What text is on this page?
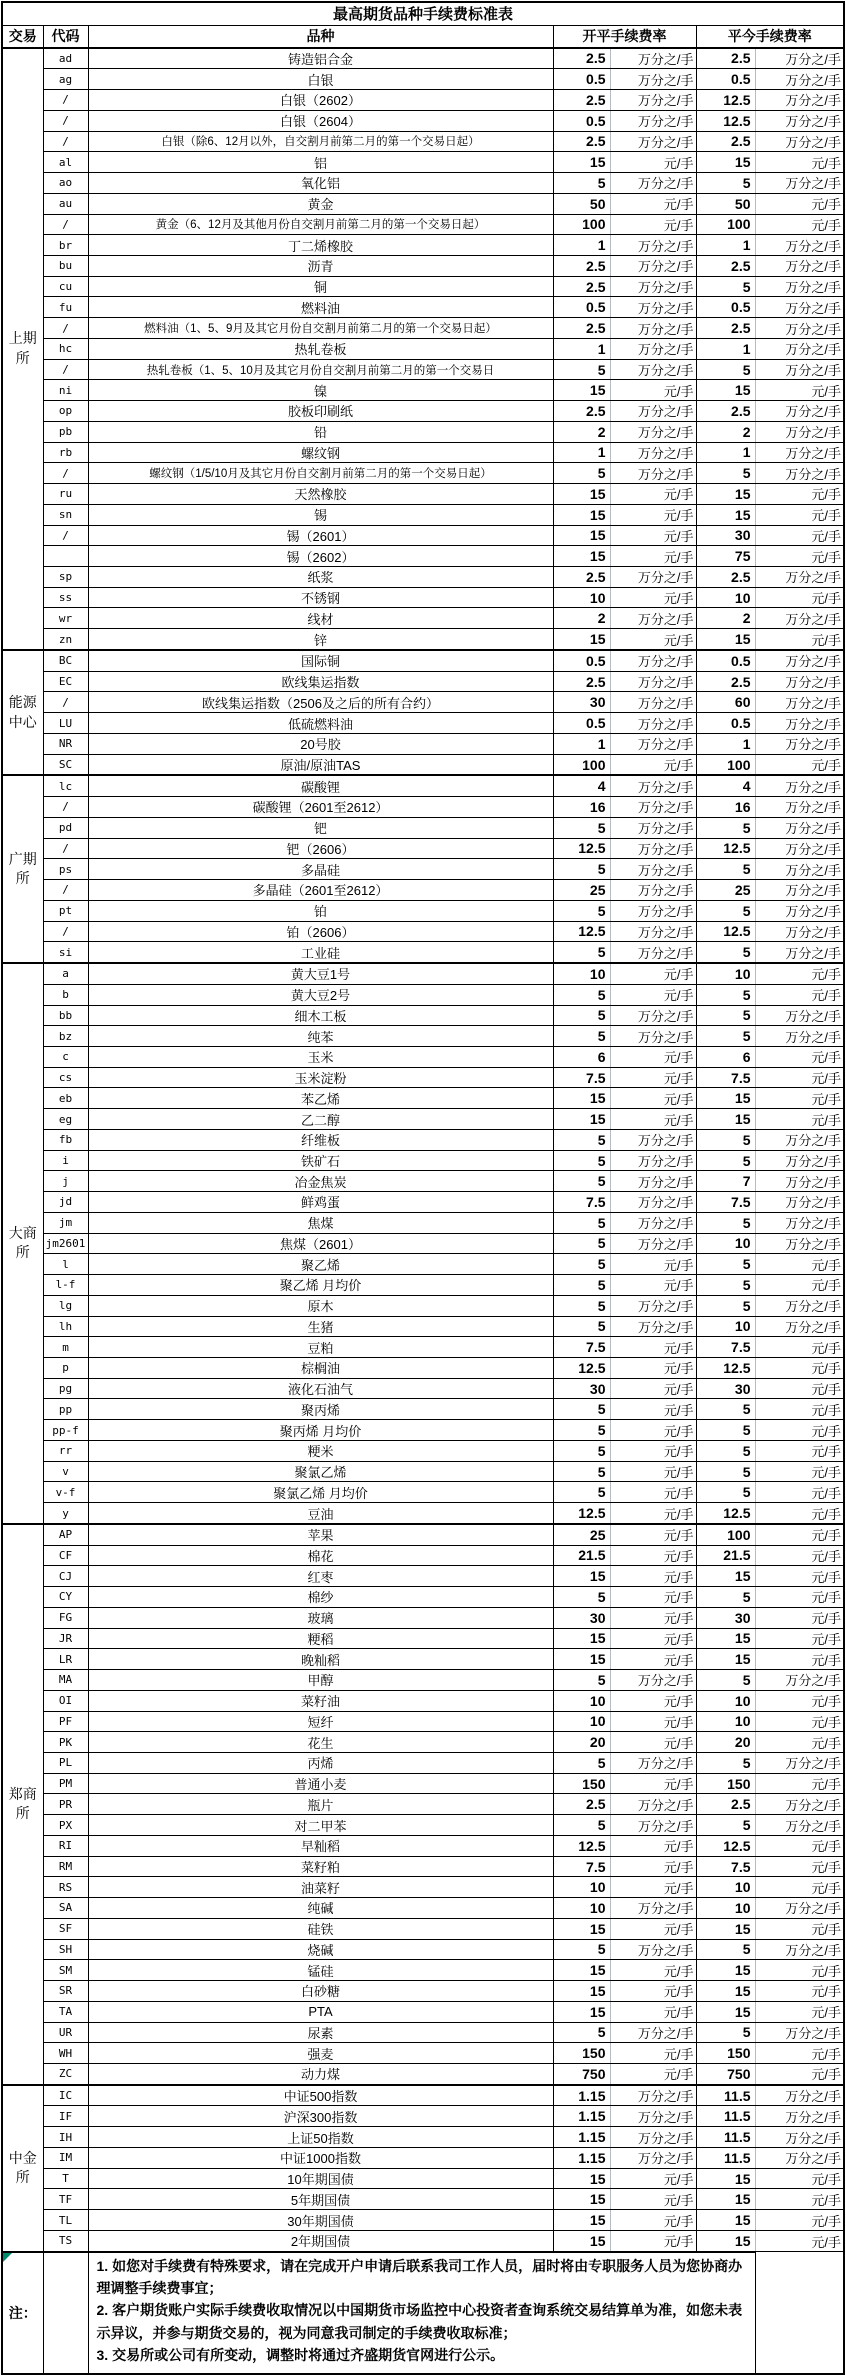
最高期货品种手续费标准表						
交易	代码	品种	开平手续费率		平今手续费率	
上期所	ad	铸造铝合金	2.5	万分之/手	2.5	万分之/手
	ag	白银	0.5	万分之/手	0.5	万分之/手
	/	白银（2602）	2.5	万分之/手	12.5	万分之/手
	/	白银（2604）	0.5	万分之/手	12.5	万分之/手
	/	白银（除6、12月以外，自交割月前第二月的第一个交易日起）	2.5	万分之/手	2.5	万分之/手
	al	铝	15	元/手	15	元/手
	ao	氧化铝	5	万分之/手	5	万分之/手
	au	黄金	50	元/手	50	元/手
	/	黄金（6、12月及其他月份自交割月前第二月的第一个交易日起）	100	元/手	100	元/手
	br	丁二烯橡胶	1	万分之/手	1	万分之/手
	bu	沥青	2.5	万分之/手	2.5	万分之/手
	cu	铜	2.5	万分之/手	5	万分之/手
	fu	燃料油	0.5	万分之/手	0.5	万分之/手
	/	燃料油（1、5、9月及其它月份自交割月前第二月的第一个交易日起）	2.5	万分之/手	2.5	万分之/手
	hc	热轧卷板	1	万分之/手	1	万分之/手
	/	热轧卷板（1、5、10月及其它月份自交割月前第二月的第一个交易日	5	万分之/手	5	万分之/手
	ni	镍	15	元/手	15	元/手
	op	胶板印刷纸	2.5	万分之/手	2.5	万分之/手
	pb	铅	2	万分之/手	2	万分之/手
	rb	螺纹钢	1	万分之/手	1	万分之/手
	/	螺纹钢（1/5/10月及其它月份自交割月前第二月的第一个交易日起）	5	万分之/手	5	万分之/手
	ru	天然橡胶	15	元/手	15	元/手
	sn	锡	15	元/手	15	元/手
	/	锡（2601）	15	元/手	30	元/手
		锡（2602）	15	元/手	75	元/手
	sp	纸浆	2.5	万分之/手	2.5	万分之/手
	ss	不锈钢	10	元/手	10	元/手
	wr	线材	2	万分之/手	2	万分之/手
	zn	锌	15	元/手	15	元/手
能源中心	BC	国际铜	0.5	万分之/手	0.5	万分之/手
	EC	欧线集运指数	2.5	万分之/手	2.5	万分之/手
	/	欧线集运指数（2506及之后的所有合约）	30	万分之/手	60	万分之/手
	LU	低硫燃料油	0.5	万分之/手	0.5	万分之/手
	NR	20号胶	1	万分之/手	1	万分之/手
	SC	原油/原油TAS	100	元/手	100	元/手
广期所	lc	碳酸锂	4	万分之/手	4	万分之/手
	/	碳酸锂（2601至2612）	16	万分之/手	16	万分之/手
	pd	钯	5	万分之/手	5	万分之/手
	/	钯（2606）	12.5	万分之/手	12.5	万分之/手
	ps	多晶硅	5	万分之/手	5	万分之/手
	/	多晶硅（2601至2612）	25	万分之/手	25	万分之/手
	pt	铂	5	万分之/手	5	万分之/手
	/	铂（2606）	12.5	万分之/手	12.5	万分之/手
	si	工业硅	5	万分之/手	5	万分之/手
大商所	a	黄大豆1号	10	元/手	10	元/手
	b	黄大豆2号	5	元/手	5	元/手
	bb	细木工板	5	万分之/手	5	万分之/手
	bz	纯苯	5	万分之/手	5	万分之/手
	c	玉米	6	元/手	6	元/手
	cs	玉米淀粉	7.5	元/手	7.5	元/手
	eb	苯乙烯	15	元/手	15	元/手
	eg	乙二醇	15	元/手	15	元/手
	fb	纤维板	5	万分之/手	5	万分之/手
	i	铁矿石	5	万分之/手	5	万分之/手
	j	冶金焦炭	5	万分之/手	7	万分之/手
	jd	鲜鸡蛋	7.5	万分之/手	7.5	万分之/手
	jm	焦煤	5	万分之/手	5	万分之/手
	jm2601	焦煤（2601）	5	万分之/手	10	万分之/手
	l	聚乙烯	5	元/手	5	元/手
	l-f	聚乙烯 月均价	5	元/手	5	元/手
	lg	原木	5	万分之/手	5	万分之/手
	lh	生猪	5	万分之/手	10	万分之/手
	m	豆粕	7.5	元/手	7.5	元/手
	p	棕榈油	12.5	元/手	12.5	元/手
	pg	液化石油气	30	元/手	30	元/手
	pp	聚丙烯	5	元/手	5	元/手
	pp-f	聚丙烯 月均价	5	元/手	5	元/手
	rr	粳米	5	元/手	5	元/手
	v	聚氯乙烯	5	元/手	5	元/手
	v-f	聚氯乙烯 月均价	5	元/手	5	元/手
	y	豆油	12.5	元/手	12.5	元/手
郑商所	AP	苹果	25	元/手	100	元/手
	CF	棉花	21.5	元/手	21.5	元/手
	CJ	红枣	15	元/手	15	元/手
	CY	棉纱	5	元/手	5	元/手
	FG	玻璃	30	元/手	30	元/手
	JR	粳稻	15	元/手	15	元/手
	LR	晚籼稻	15	元/手	15	元/手
	MA	甲醇	5	万分之/手	5	万分之/手
	OI	菜籽油	10	元/手	10	元/手
	PF	短纤	10	元/手	10	元/手
	PK	花生	20	元/手	20	元/手
	PL	丙烯	5	万分之/手	5	万分之/手
	PM	普通小麦	150	元/手	150	元/手
	PR	瓶片	2.5	万分之/手	2.5	万分之/手
	PX	对二甲苯	5	万分之/手	5	万分之/手
	RI	早籼稻	12.5	元/手	12.5	元/手
	RM	菜籽粕	7.5	元/手	7.5	元/手
	RS	油菜籽	10	元/手	10	元/手
	SA	纯碱	10	万分之/手	10	万分之/手
	SF	硅铁	15	元/手	15	元/手
	SH	烧碱	5	万分之/手	5	万分之/手
	SM	锰硅	15	元/手	15	元/手
	SR	白砂糖	15	元/手	15	元/手
	TA	PTA	15	元/手	15	元/手
	UR	尿素	5	万分之/手	5	万分之/手
	WH	强麦	150	元/手	150	元/手
	ZC	动力煤	750	元/手	750	元/手
中金所	IC	中证500指数	1.15	万分之/手	11.5	万分之/手
	IF	沪深300指数	1.15	万分之/手	11.5	万分之/手
	IH	上证50指数	1.15	万分之/手	11.5	万分之/手
	IM	中证1000指数	1.15	万分之/手	11.5	万分之/手
	T	10年期国债	15	元/手	15	元/手
	TF	5年期国债	15	元/手	15	元/手
	TL	30年期国债	15	元/手	15	元/手
	TS	2年期国债	15	元/手	15	元/手

注：		1. 如您对手续费有特殊要求，请在完成开户申请后联系我司工作人员，届时将由专职服务人员为您协商办理调整手续费事宜；
2. 客户期货账户实际手续费收取情况以中国期货市场监控中心投资者查询系统交易结算单为准，如您未表示异议，并参与期货交易的，视为同意我司制定的手续费收取标准；
3. 交易所或公司有所变动，调整时将通过齐盛期货官网进行公示。				
